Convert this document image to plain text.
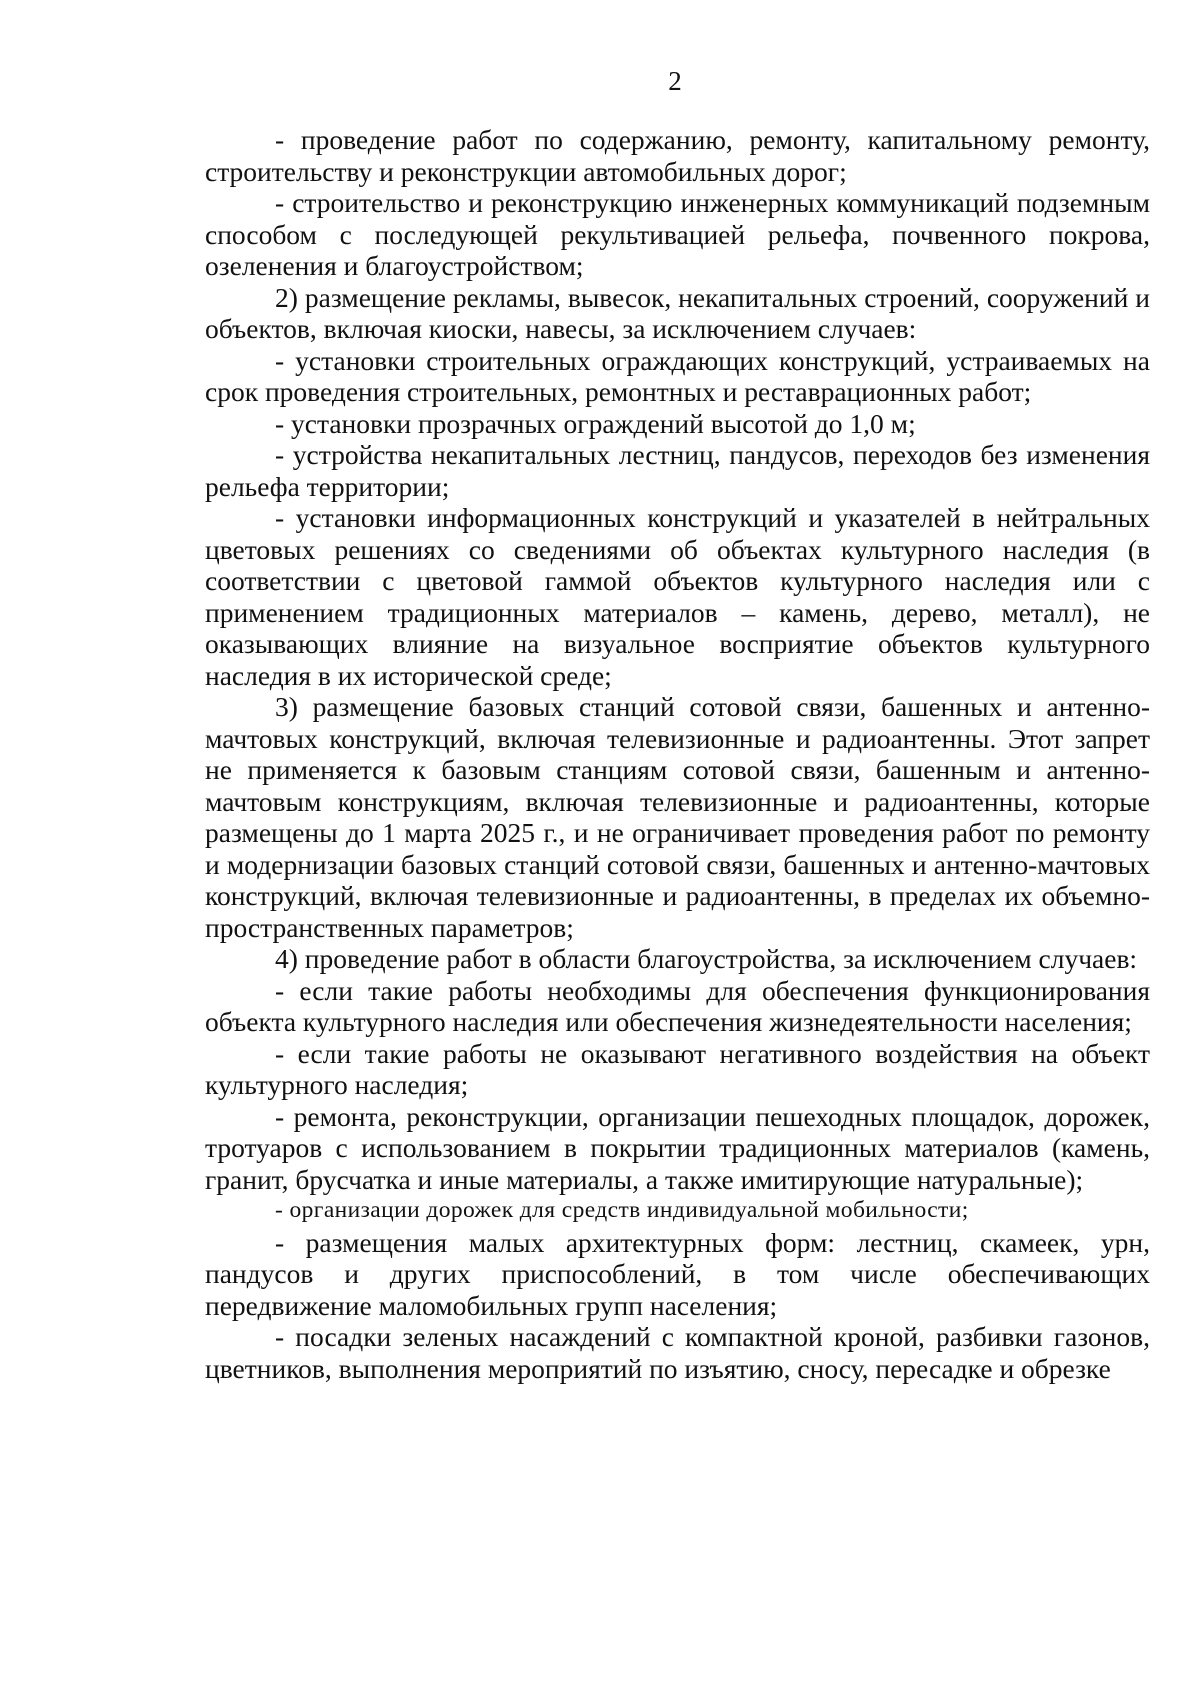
2

- проведение работ по содержанию, ремонту, капитальному ремонту, строительству и реконструкции автомобильных дорог;

- строительство и реконструкцию инженерных коммуникаций подземным способом с последующей рекультивацией рельефа, почвенного покрова, озеленения и благоустройством;

2) размещение рекламы, вывесок, некапитальных строений, сооружений и объектов, включая киоски, навесы, за исключением случаев:

- установки строительных ограждающих конструкций, устраиваемых на срок проведения строительных, ремонтных и реставрационных работ;

- установки прозрачных ограждений высотой до 1,0 м;

- устройства некапитальных лестниц, пандусов, переходов без изменения рельефа территории;

- установки информационных конструкций и указателей в нейтральных цветовых решениях со сведениями об объектах культурного наследия (в соответствии с цветовой гаммой объектов культурного наследия или с применением традиционных материалов – камень, дерево, металл), не оказывающих влияние на визуальное восприятие объектов культурного наследия в их исторической среде;

3) размещение базовых станций сотовой связи, башенных и антенно-мачтовых конструкций, включая телевизионные и радиоантенны. Этот запрет не применяется к базовым станциям сотовой связи, башенным и антенно-мачтовым конструкциям, включая телевизионные и радиоантенны, которые размещены до 1 марта 2025 г., и не ограничивает проведения работ по ремонту и модернизации базовых станций сотовой связи, башенных и антенно-мачтовых конструкций, включая телевизионные и радиоантенны, в пределах их объемно-пространственных параметров;

4) проведение работ в области благоустройства, за исключением случаев:

- если такие работы необходимы для обеспечения функционирования объекта культурного наследия или обеспечения жизнедеятельности населения;

- если такие работы не оказывают негативного воздействия на объект культурного наследия;

- ремонта, реконструкции, организации пешеходных площадок, дорожек, тротуаров с использованием в покрытии традиционных материалов (камень, гранит, брусчатка и иные материалы, а также имитирующие натуральные);

- организации дорожек для средств индивидуальной мобильности;

- размещения малых архитектурных форм: лестниц, скамеек, урн, пандусов и других приспособлений, в том числе обеспечивающих передвижение маломобильных групп населения;

- посадки зеленых насаждений с компактной кроной, разбивки газонов, цветников, выполнения мероприятий по изъятию, сносу, пересадке и обрезке
